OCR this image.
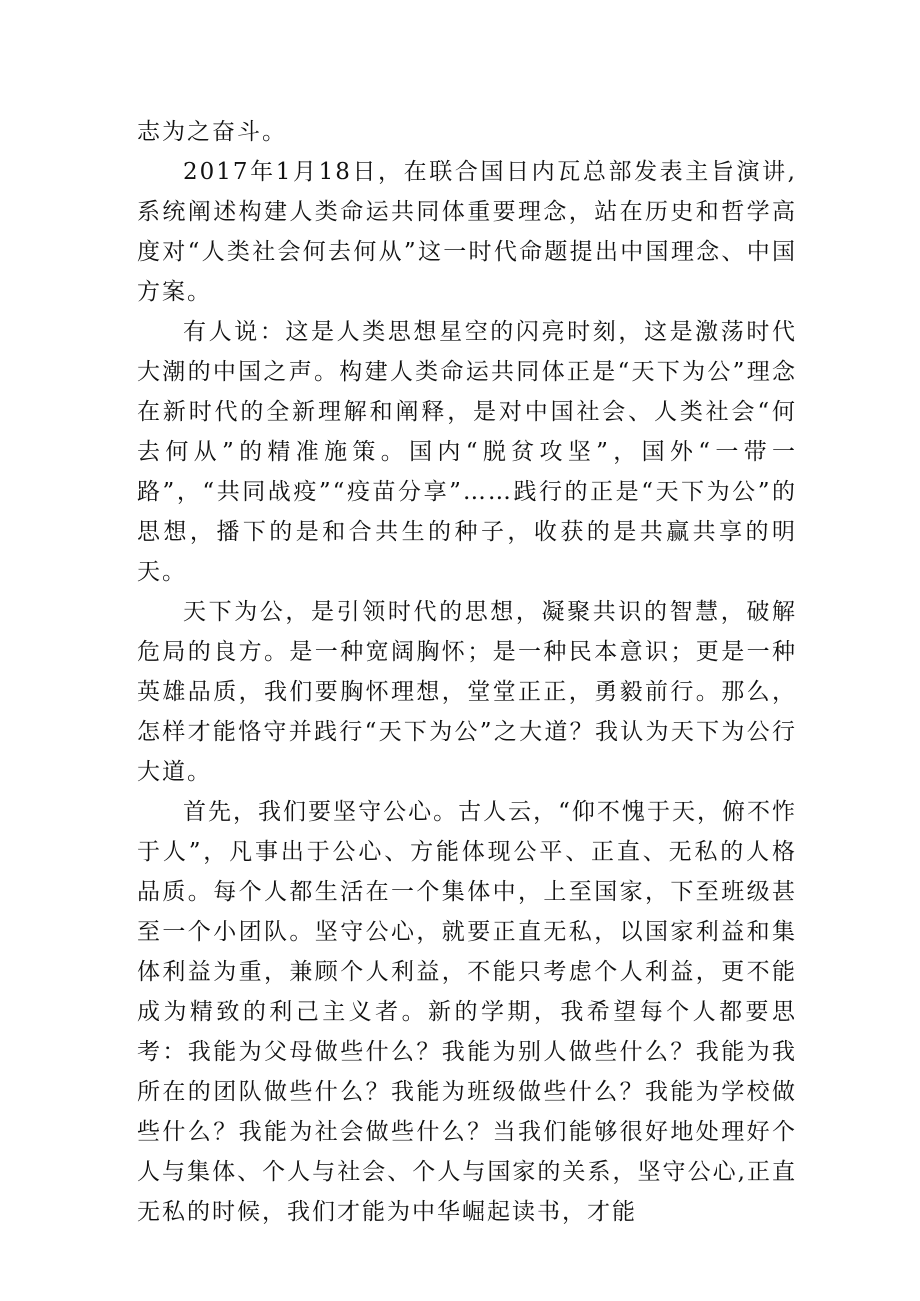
志为之奋斗。

2017年1月18日，在联合国日内瓦总部发表主旨演讲,系统阐述构建人类命运共同体重要理念，站在历史和哲学高度对“人类社会何去何从”这一时代命题提出中国理念、中国方案。

有人说：这是人类思想星空的闪亮时刻，这是激荡时代大潮的中国之声。构建人类命运共同体正是“天下为公”理念在新时代的全新理解和阐释，是对中国社会、人类社会“何去何从”的精准施策。国内“脱贫攻坚”，国外“一带一路”，“共同战疫”“疫苗分享”……践行的正是“天下为公”的思想，播下的是和合共生的种子，收获的是共赢共享的明天。

天下为公，是引领时代的思想，凝聚共识的智慧，破解危局的良方。是一种宽阔胸怀；是一种民本意识；更是一种英雄品质，我们要胸怀理想，堂堂正正，勇毅前行。那么，怎样才能恪守并践行“天下为公”之大道？我认为天下为公行大道。

首先，我们要坚守公心。古人云，“仰不愧于天，俯不怍于人”，凡事出于公心、方能体现公平、正直、无私的人格品质。每个人都生活在一个集体中，上至国家，下至班级甚至一个小团队。坚守公心，就要正直无私，以国家利益和集体利益为重，兼顾个人利益，不能只考虑个人利益，更不能成为精致的利己主义者。新的学期，我希望每个人都要思考：我能为父母做些什么？我能为别人做些什么？我能为我所在的团队做些什么？我能为班级做些什么？我能为学校做些什么？我能为社会做些什么？当我们能够很好地处理好个人与集体、个人与社会、个人与国家的关系，坚守公心,正直无私的时候，我们才能为中华崛起读书，才能
